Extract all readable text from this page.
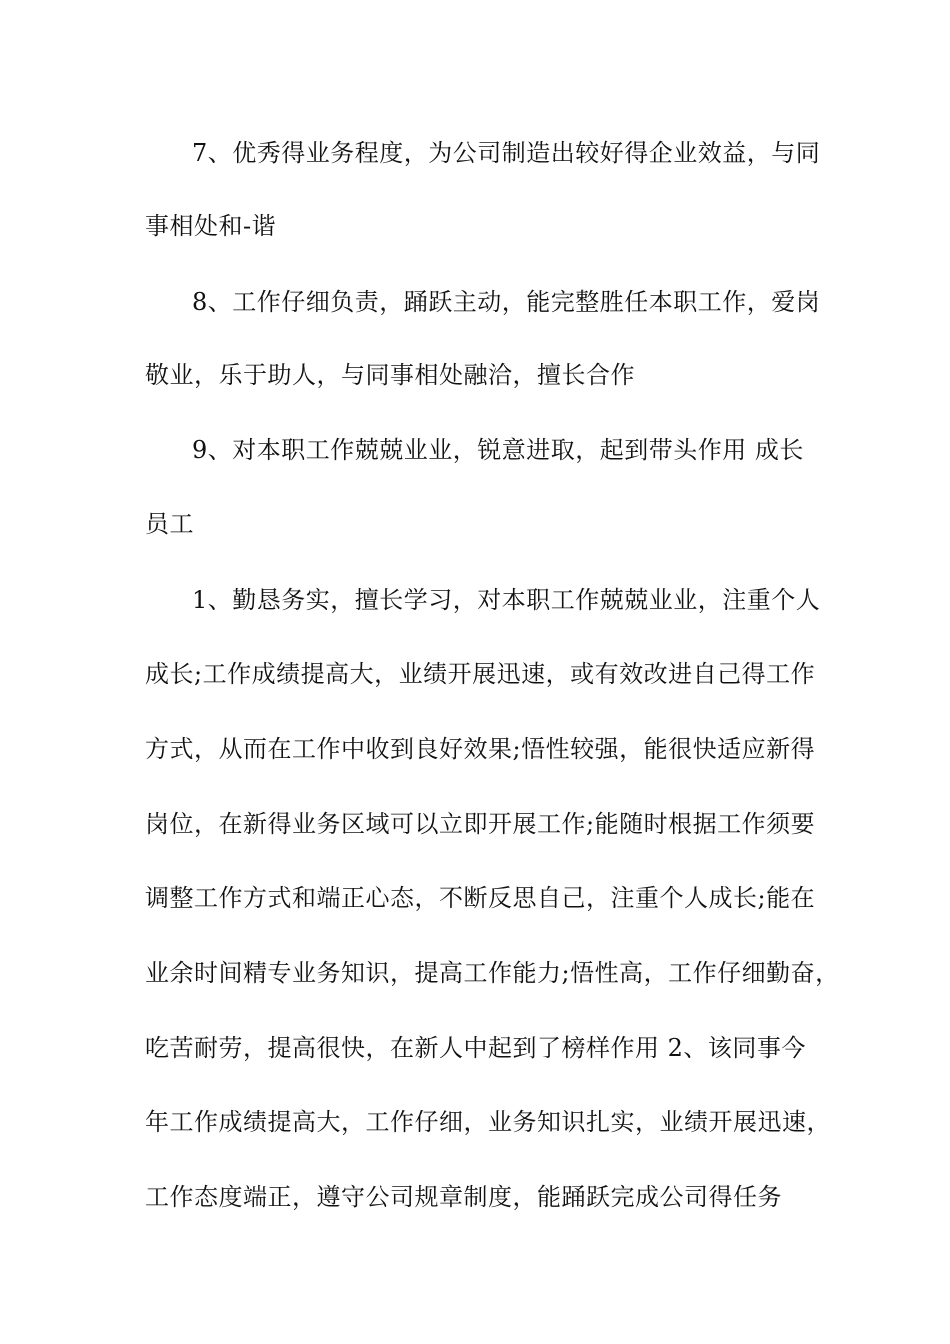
7、优秀得业务程度，为公司制造出较好得企业效益，与同
事相处和-谐
8、工作仔细负责，踊跃主动，能完整胜任本职工作，爱岗
敬业，乐于助人，与同事相处融洽，擅长合作
9、对本职工作兢兢业业，锐意进取，起到带头作用 成长
员工
1、勤恳务实，擅长学习，对本职工作兢兢业业，注重个人
成长;工作成绩提高大，业绩开展迅速，或有效改进自己得工作
方式，从而在工作中收到良好效果;悟性较强，能很快适应新得
岗位，在新得业务区域可以立即开展工作;能随时根据工作须要
调整工作方式和端正心态，不断反思自己，注重个人成长;能在
业余时间精专业务知识，提高工作能力;悟性高，工作仔细勤奋，
吃苦耐劳，提高很快，在新人中起到了榜样作用 2、该同事今
年工作成绩提高大，工作仔细，业务知识扎实，业绩开展迅速，
工作态度端正，遵守公司规章制度，能踊跃完成公司得任务
